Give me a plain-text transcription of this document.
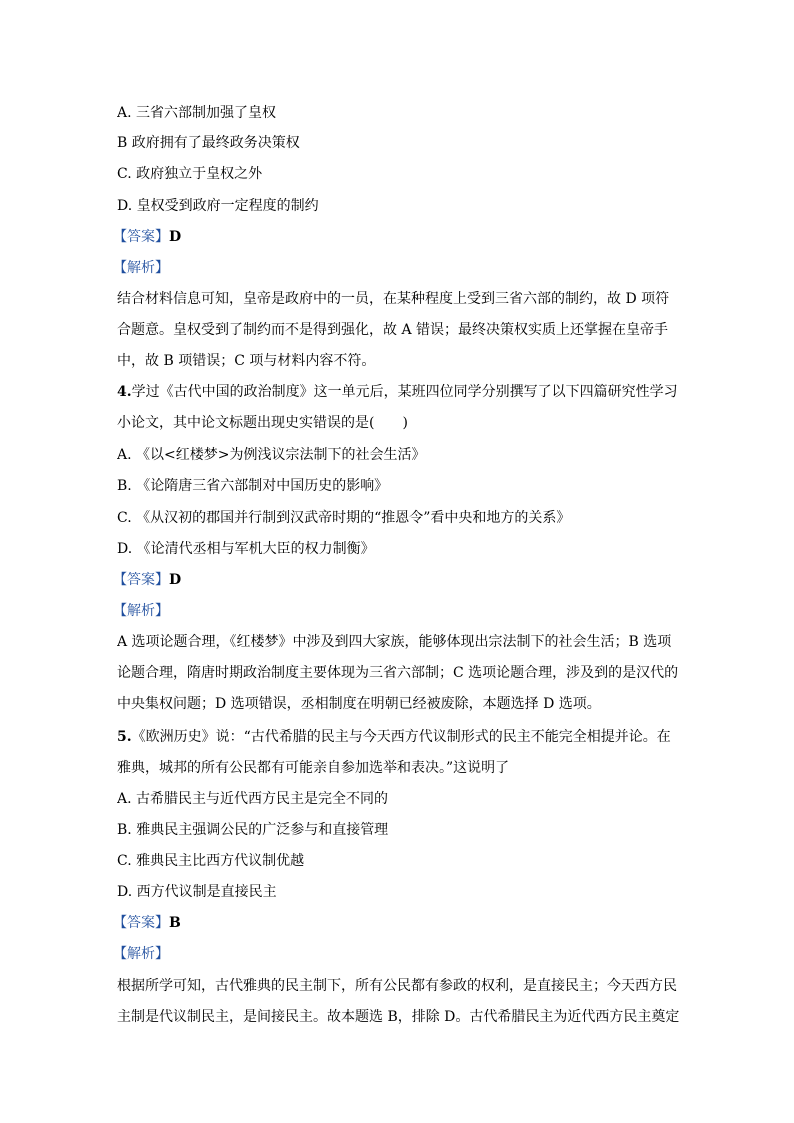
A. 三省六部制加强了皇权
B 政府拥有了最终政务决策权
C. 政府独立于皇权之外
D. 皇权受到政府一定程度的制约
【答案】D
【解析】
结合材料信息可知，皇帝是政府中的一员，在某种程度上受到三省六部的制约，故 D 项符
合题意。皇权受到了制约而不是得到强化，故 A 错误；最终决策权实质上还掌握在皇帝手
中，故 B 项错误；C 项与材料内容不符。
4.学过《古代中国的政治制度》这一单元后，某班四位同学分别撰写了以下四篇研究性学习
小论文，其中论文标题出现史实错误的是(　　)
A. 《以<红楼梦>为例浅议宗法制下的社会生活》
B. 《论隋唐三省六部制对中国历史的影响》
C. 《从汉初的郡国并行制到汉武帝时期的“推恩令”看中央和地方的关系》
D. 《论清代丞相与军机大臣的权力制衡》
【答案】D
【解析】
A 选项论题合理，《红楼梦》中涉及到四大家族，能够体现出宗法制下的社会生活；B 选项
论题合理，隋唐时期政治制度主要体现为三省六部制；C 选项论题合理，涉及到的是汉代的
中央集权问题；D 选项错误，丞相制度在明朝已经被废除，本题选择 D 选项。
5.《欧洲历史》说：“古代希腊的民主与今天西方代议制形式的民主不能完全相提并论。在
雅典，城邦的所有公民都有可能亲自参加选举和表决。”这说明了
A. 古希腊民主与近代西方民主是完全不同的
B. 雅典民主强调公民的广泛参与和直接管理
C. 雅典民主比西方代议制优越
D. 西方代议制是直接民主
【答案】B
【解析】
根据所学可知，古代雅典的民主制下，所有公民都有参政的权利，是直接民主；今天西方民
主制是代议制民主，是间接民主。故本题选 B，排除 D。古代希腊民主为近代西方民主奠定
